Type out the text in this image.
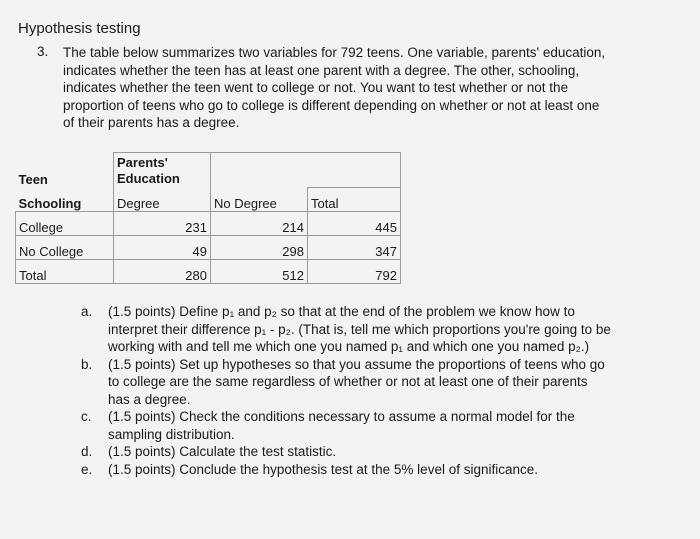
Hypothesis testing
3. The table below summarizes two variables for 792 teens. One variable, parents' education, indicates whether the teen has at least one parent with a degree. The other, schooling, indicates whether the teen went to college or not. You want to test whether or not the proportion of teens who go to college is different depending on whether or not at least one of their parents has a degree.
Teen	Parents'
Education		

Schooling	Degree	No Degree	Total
College	231	214	445
No College	49	298	347
Total	280	512	792
a. (1.5 points) Define p₁ and p₂ so that at the end of the problem we know how to interpret their difference p₁ - p₂. (That is, tell me which proportions you're going to be working with and tell me which one you named p₁ and which one you named p₂.)
b. (1.5 points) Set up hypotheses so that you assume the proportions of teens who go to college are the same regardless of whether or not at least one of their parents has a degree.
c. (1.5 points) Check the conditions necessary to assume a normal model for the sampling distribution.
d. (1.5 points) Calculate the test statistic.
e. (1.5 points) Conclude the hypothesis test at the 5% level of significance.
